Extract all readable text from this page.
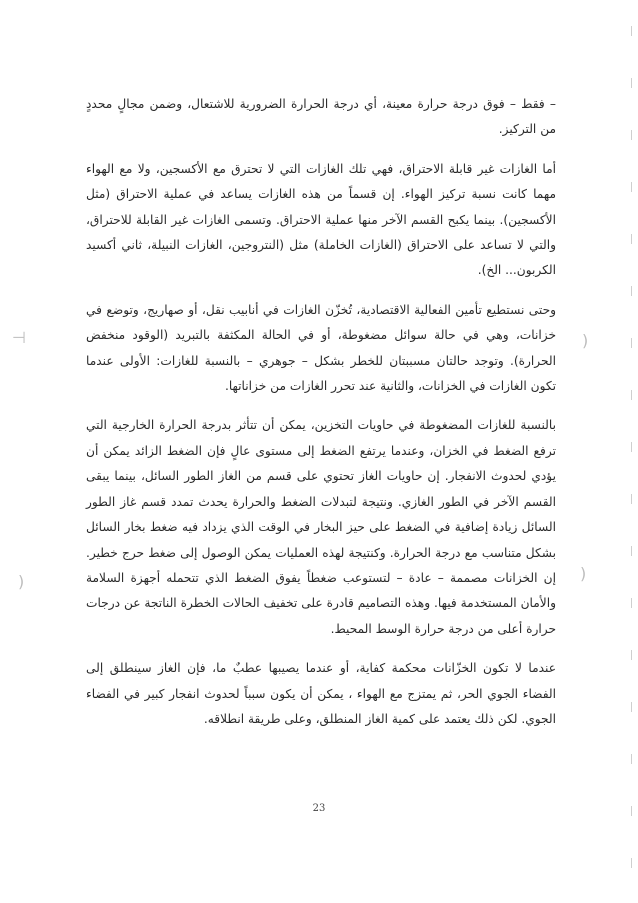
⊣
)
)
)

– فقط – فوق درجة حرارة معينة، أي درجة الحرارة الضرورية للاشتعال، وضمن مجالٍ محددٍ من التركيز.

أما الغازات غير قابلة الاحتراق، فهي تلك الغازات التي لا تحترق مع الأكسجين، ولا مع الهواء مهما كانت نسبة تركيز الهواء. إن قسماً من هذه الغازات يساعد في عملية الاحتراق (مثل الأكسجين). بينما يكبح القسم الآخر منها عملية الاحتراق. وتسمى الغازات غير القابلة للاحتراق، والتي لا تساعد على الاحتراق (الغازات الخاملة) مثل (النتروجين، الغازات النبيلة، ثاني أكسيد الكربون... الخ).

وحتى نستطيع تأمين الفعالية الاقتصادية، تُخزّن الغازات في أنابيب نقل، أو صهاريج، وتوضع في خزانات، وهي في حالة سوائل مضغوطة، أو في الحالة المكثفة بالتبريد (الوقود منخفض الحرارة). وتوجد حالتان مسببتان للخطر بشكل – جوهري – بالنسبة للغازات: الأولى عندما تكون الغازات في الخزانات، والثانية عند تحرر الغازات من خزاناتها.

بالنسبة للغازات المضغوطة في حاويات التخزين، يمكن أن تتأثر بدرجة الحرارة الخارجية التي ترفع الضغط في الخزان، وعندما يرتفع الضغط إلى مستوى عالٍ فإن الضغط الزائد يمكن أن يؤدي لحدوث الانفجار. إن حاويات الغاز تحتوي على قسم من الغاز الطور السائل، بينما يبقى القسم الآخر في الطور الغازي. ونتيجة لتبدلات الضغط والحرارة يحدث تمدد قسم غاز الطور السائل زيادة إضافية في الضغط على حيز البخار في الوقت الذي يزداد فيه ضغط بخار السائل بشكل متناسب مع درجة الحرارة. وكنتيجة لهذه العمليات يمكن الوصول إلى ضغط حرج خطير. إن الخزانات مصممة – عادة – لتستوعب ضغطاً يفوق الضغط الذي تتحمله أجهزة السلامة والأمان المستخدمة فيها. وهذه التصاميم قادرة على تخفيف الحالات الخطرة الناتجة عن درجات حرارة أعلى من درجة حرارة الوسط المحيط.

عندما لا تكون الخزّانات محكمة كفاية، أو عندما يصيبها عطبٌ ما، فإن الغاز سينطلق إلى الفضاء الجوي الحر، ثم يمتزج مع الهواء ، يمكن أن يكون سبباً لحدوث انفجار كبير في الفضاء الجوي. لكن ذلك يعتمد على كمية الغاز المنطلق، وعلى طريقة انطلاقه.

23
